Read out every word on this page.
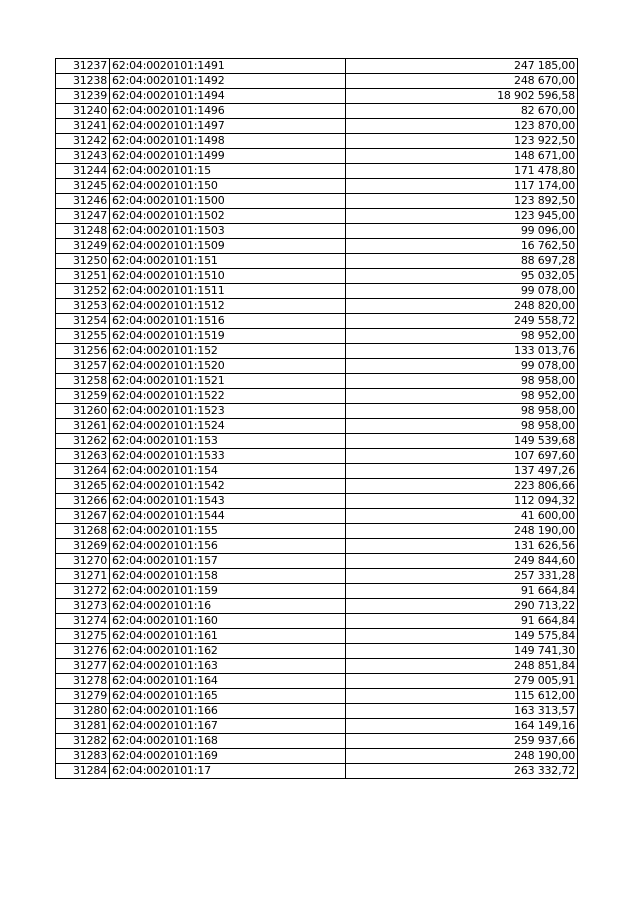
31237	62:04:0020101:1491	247 185,00
31238	62:04:0020101:1492	248 670,00
31239	62:04:0020101:1494	18 902 596,58
31240	62:04:0020101:1496	82 670,00
31241	62:04:0020101:1497	123 870,00
31242	62:04:0020101:1498	123 922,50
31243	62:04:0020101:1499	148 671,00
31244	62:04:0020101:15	171 478,80
31245	62:04:0020101:150	117 174,00
31246	62:04:0020101:1500	123 892,50
31247	62:04:0020101:1502	123 945,00
31248	62:04:0020101:1503	99 096,00
31249	62:04:0020101:1509	16 762,50
31250	62:04:0020101:151	88 697,28
31251	62:04:0020101:1510	95 032,05
31252	62:04:0020101:1511	99 078,00
31253	62:04:0020101:1512	248 820,00
31254	62:04:0020101:1516	249 558,72
31255	62:04:0020101:1519	98 952,00
31256	62:04:0020101:152	133 013,76
31257	62:04:0020101:1520	99 078,00
31258	62:04:0020101:1521	98 958,00
31259	62:04:0020101:1522	98 952,00
31260	62:04:0020101:1523	98 958,00
31261	62:04:0020101:1524	98 958,00
31262	62:04:0020101:153	149 539,68
31263	62:04:0020101:1533	107 697,60
31264	62:04:0020101:154	137 497,26
31265	62:04:0020101:1542	223 806,66
31266	62:04:0020101:1543	112 094,32
31267	62:04:0020101:1544	41 600,00
31268	62:04:0020101:155	248 190,00
31269	62:04:0020101:156	131 626,56
31270	62:04:0020101:157	249 844,60
31271	62:04:0020101:158	257 331,28
31272	62:04:0020101:159	91 664,84
31273	62:04:0020101:16	290 713,22
31274	62:04:0020101:160	91 664,84
31275	62:04:0020101:161	149 575,84
31276	62:04:0020101:162	149 741,30
31277	62:04:0020101:163	248 851,84
31278	62:04:0020101:164	279 005,91
31279	62:04:0020101:165	115 612,00
31280	62:04:0020101:166	163 313,57
31281	62:04:0020101:167	164 149,16
31282	62:04:0020101:168	259 937,66
31283	62:04:0020101:169	248 190,00
31284	62:04:0020101:17	263 332,72
